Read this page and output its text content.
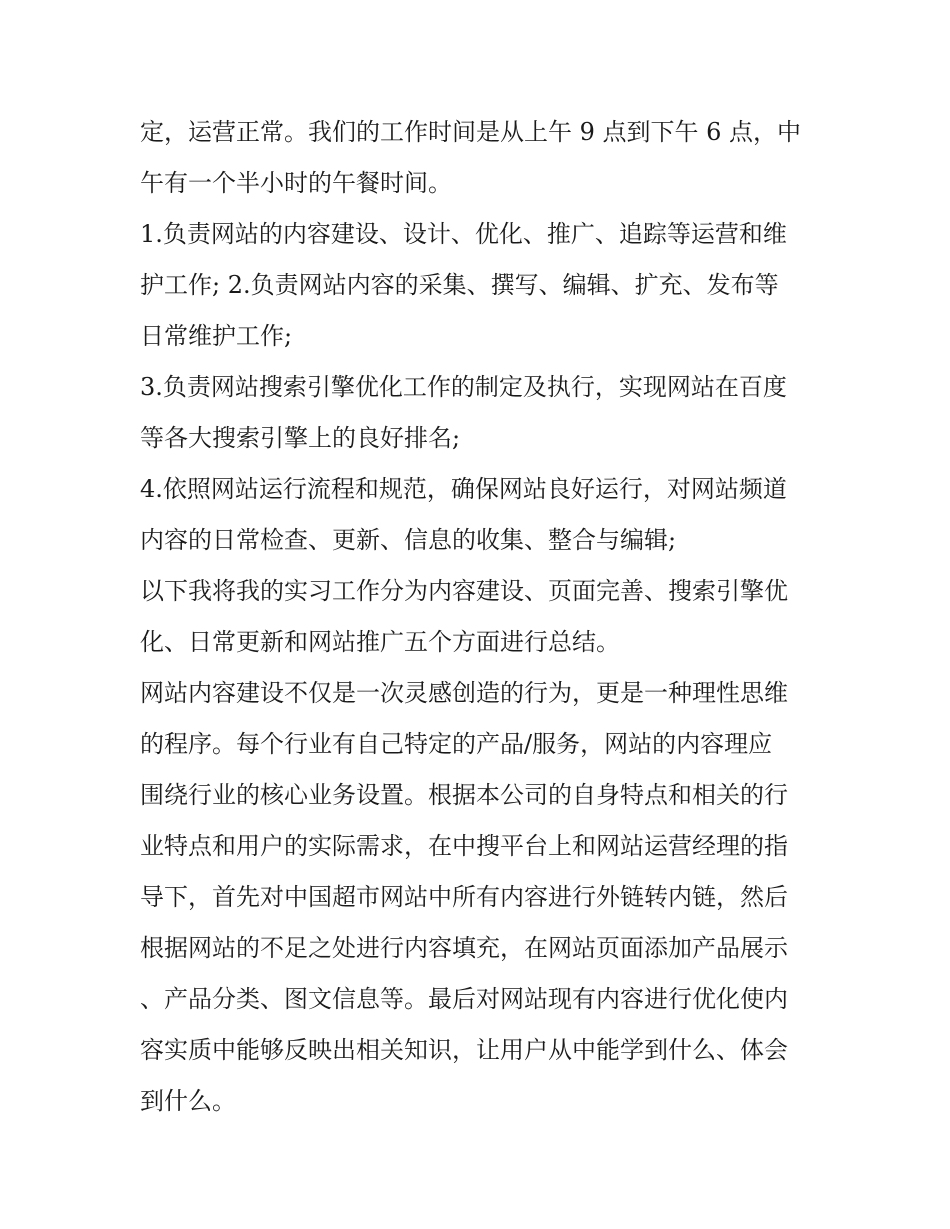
定，运营正常。我们的工作时间是从上午 9 点到下午 6 点，中
午有一个半小时的午餐时间。
1.负责网站的内容建设、设计、优化、推广、追踪等运营和维
护工作; 2.负责网站内容的采集、撰写、编辑、扩充、发布等
日常维护工作;
3.负责网站搜索引擎优化工作的制定及执行，实现网站在百度
等各大搜索引擎上的良好排名;
4.依照网站运行流程和规范，确保网站良好运行，对网站频道
内容的日常检查、更新、信息的收集、整合与编辑;
以下我将我的实习工作分为内容建设、页面完善、搜索引擎优
化、日常更新和网站推广五个方面进行总结。
网站内容建设不仅是一次灵感创造的行为，更是一种理性思维
的程序。每个行业有自己特定的产品/服务，网站的内容理应
围绕行业的核心业务设置。根据本公司的自身特点和相关的行
业特点和用户的实际需求，在中搜平台上和网站运营经理的指
导下，首先对中国超市网站中所有内容进行外链转内链，然后
根据网站的不足之处进行内容填充，在网站页面添加产品展示
、产品分类、图文信息等。最后对网站现有内容进行优化使内
容实质中能够反映出相关知识，让用户从中能学到什么、体会
到什么。
